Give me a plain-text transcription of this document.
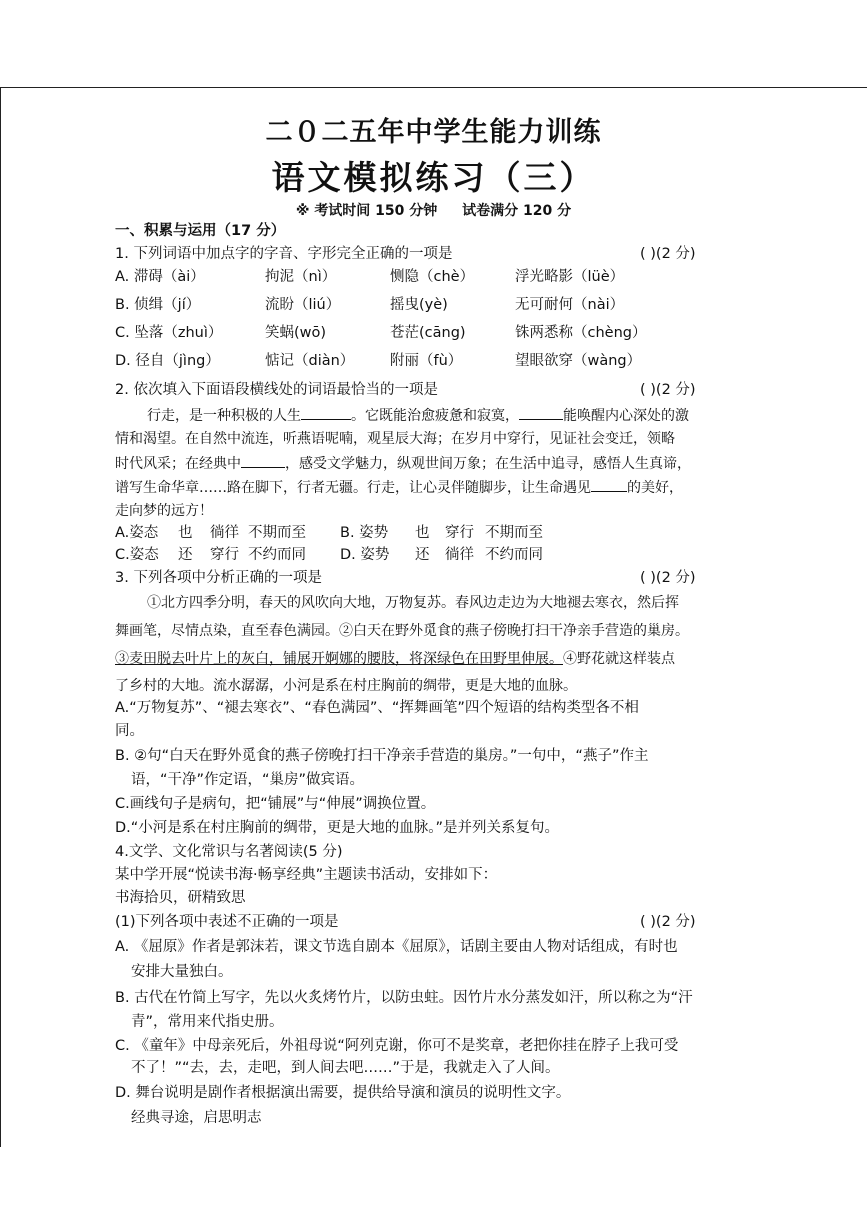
二０二五年中学生能力训练
语文模拟练习（三）
※ 考试时间 150 分钟 试卷满分 120 分
一、积累与运用（17 分）
1. 下列词语中加点字的字音、字形完全正确的一项是	( )(2 分)
A. 滞碍（ài）	拘泥（nì）	恻隐（chè）	浮光略影（lüè）
B. 侦缉（jí）	流盼（liú）	摇曳(yè)	无可耐何（nài）
C. 坠落（zhuì）	笑蜗(wō)	苍茫(cāng)	铢两悉称（chèng）
D. 径自（jìng）	惦记（diàn） 附丽（fù）	望眼欲穿（wàng）
2. 依次填入下面语段横线处的词语最恰当的一项是	( )(2 分)
行走，是一种积极的人生	。它既能治愈疲惫和寂寞，	能唤醒内心深处的激
情和渴望。在自然中流连，听燕语呢喃，观星辰大海；在岁月中穿行，见证社会变迁，领略
时代风采；在经典中	，感受文学魅力，纵观世间万象；在生活中追寻，感悟人生真谛，
谱写生命华章……路在脚下，行者无疆。行走，让心灵伴随脚步，让生命遇见	的美好，
走向梦的远方！
A.姿态 也 徜徉 不期而至 B. 姿势 也 穿行 不期而至
C.姿态 还 穿行 不约而同 D. 姿势 还 徜徉 不约而同
3. 下列各项中分析正确的一项是	( )(2 分)
①北方四季分明，春天的风吹向大地，万物复苏。春风边走边为大地褪去寒衣，然后挥
舞画笔，尽情点染，直至春色满园。②白天在野外觅食的燕子傍晚打扫干净亲手营造的巢房。
③麦田脱去叶片上的灰白，铺展开婀娜的腰肢，将深绿色在田野里伸展。④野花就这样装点
了乡村的大地。流水潺潺，小河是系在村庄胸前的绸带，更是大地的血脉。
A.“万物复苏”、“褪去寒衣”、“春色满园”、“挥舞画笔”四个短语的结构类型各不相
同。
B. ②句“白天在野外觅食的燕子傍晚打扫干净亲手营造的巢房。”一句中，“燕子”作主
语，“干净”作定语，“巢房”做宾语。
C.画线句子是病句，把“铺展”与“伸展”调换位置。
D.“小河是系在村庄胸前的绸带，更是大地的血脉。”是并列关系复句。
4.文学、文化常识与名著阅读(5 分)
某中学开展“悦读书海·畅享经典”主题读书活动，安排如下：
书海拾贝，研精致思
(1)下列各项中表述不正确的一项是	( )(2 分)
A. 《屈原》作者是郭沫若，课文节选自剧本《屈原》，话剧主要由人物对话组成，有时也
安排大量独白。
B. 古代在竹简上写字，先以火炙烤竹片，以防虫蛀。因竹片水分蒸发如汗，所以称之为“汗
青”，常用来代指史册。
C. 《童年》中母亲死后，外祖母说“阿列克谢，你可不是奖章，老把你挂在脖子上我可受
不了！”“去，去，走吧，到人间去吧……”于是，我就走入了人间。
D. 舞台说明是剧作者根据演出需要，提供给导演和演员的说明性文字。
经典寻途，启思明志
